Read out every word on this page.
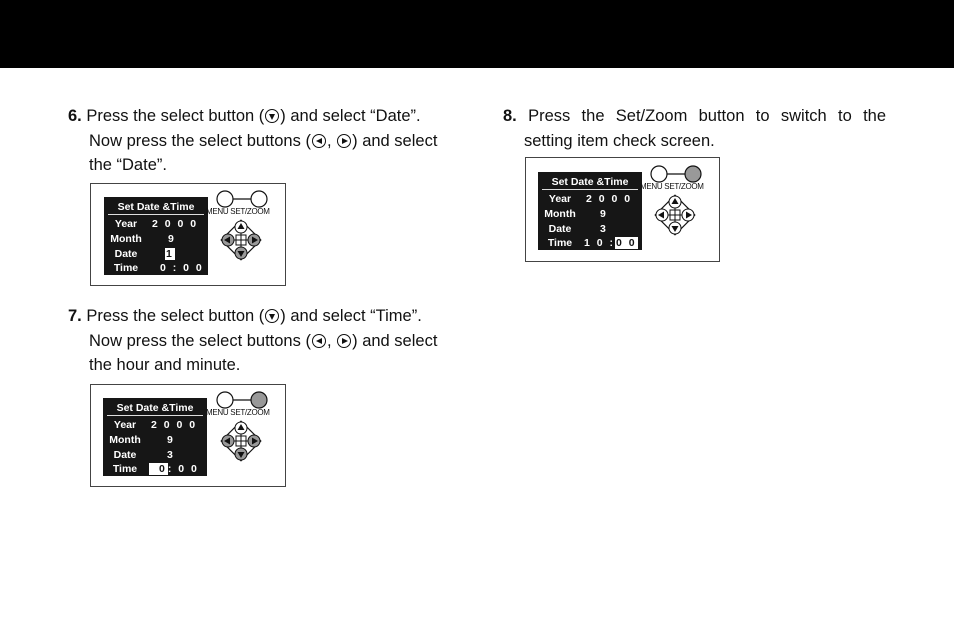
6. Press the select button ( ) and select “Date”.
Now press the select buttons ( , ) and select
the “Date”.
Set Date &Time
Year	2 0 0 0
Month	9
Date	1
Time	0 : 0 0
MENU SET/ZOOM
7. Press the select button ( ) and select “Time”.
Now press the select buttons ( , ) and select
the hour and minute.
Set Date &Time
Year	2 0 0 0
Month	9
Date	3
Time	0: 0 0
MENU SET/ZOOM
8. Press the Set/Zoom button to switch to the
setting item check screen.
Set Date &Time
Year	2 0 0 0
Month	9
Date	3
Time	1 0 :0 0
MENU SET/ZOOM
